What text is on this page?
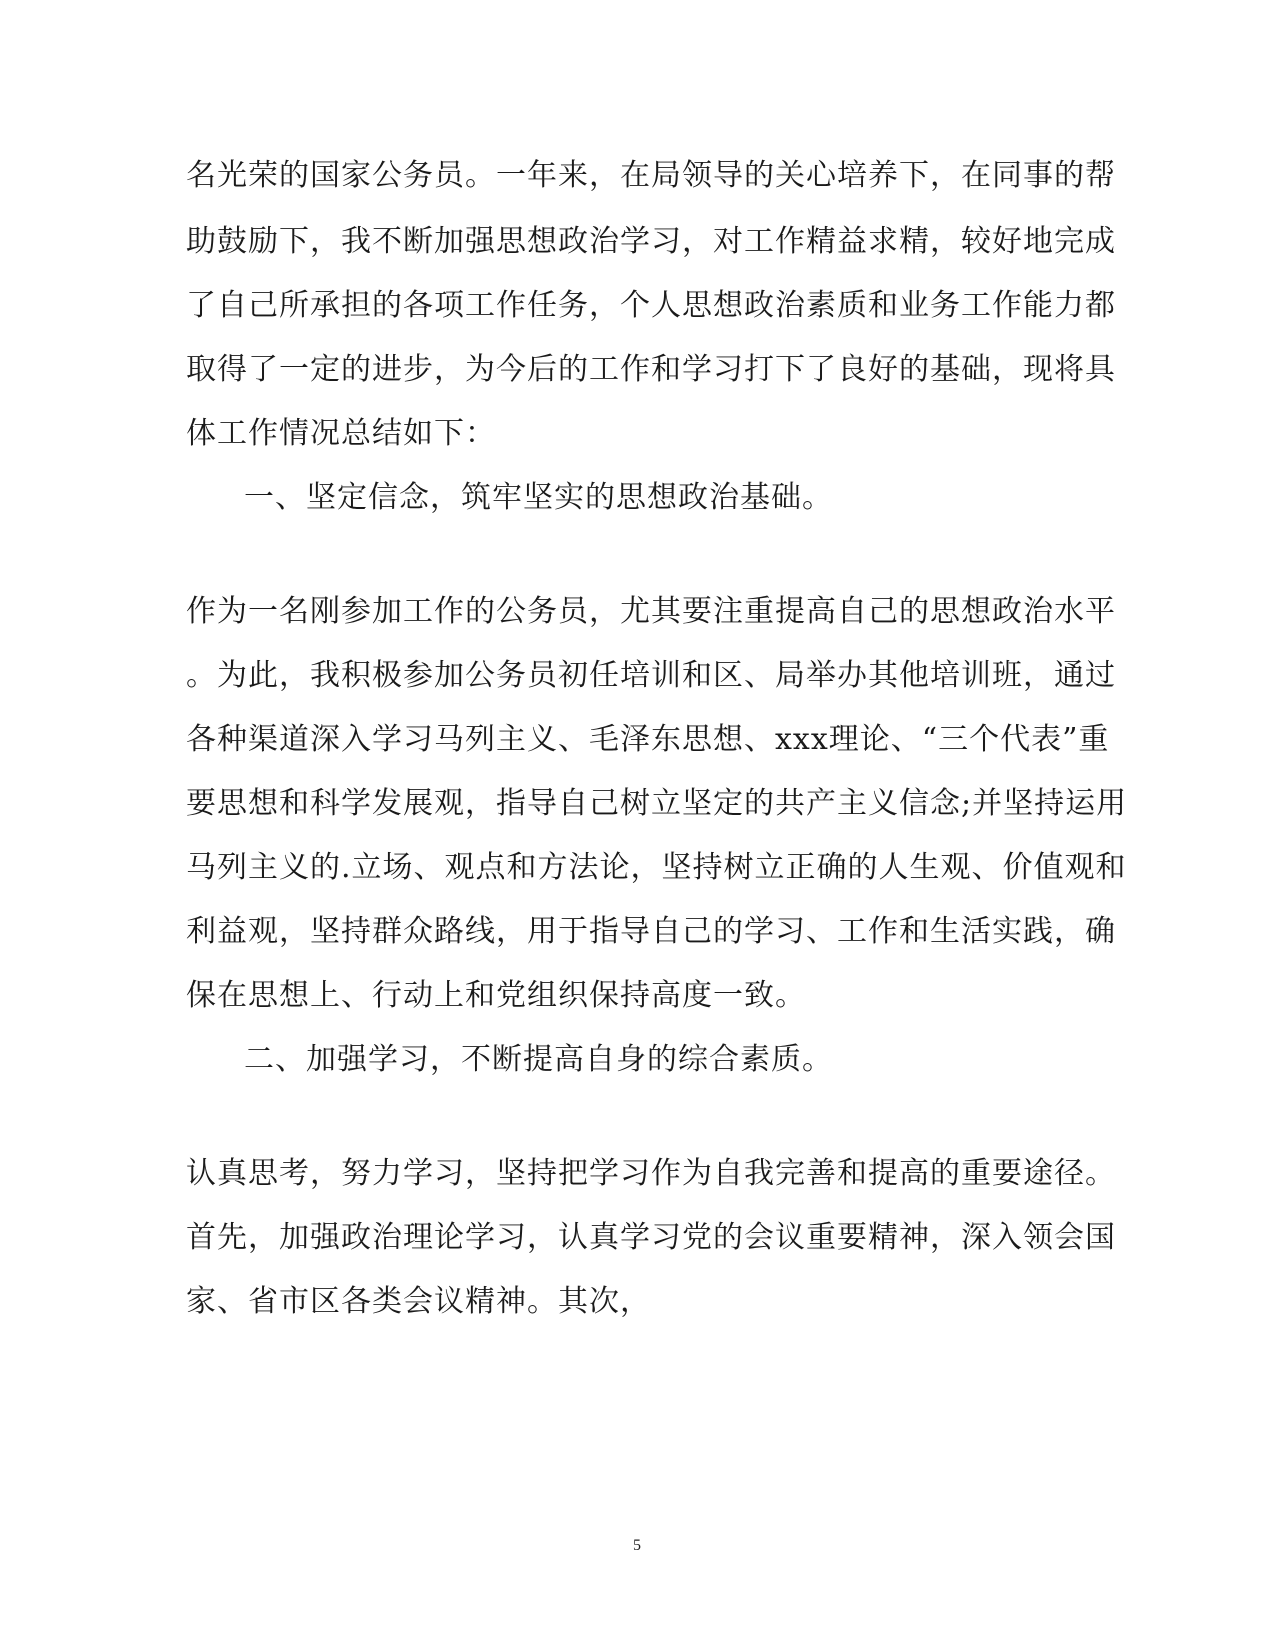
名光荣的国家公务员。一年来，在局领导的关心培养下，在同事的帮
助鼓励下，我不断加强思想政治学习，对工作精益求精，较好地完成
了自己所承担的各项工作任务，个人思想政治素质和业务工作能力都
取得了一定的进步，为今后的工作和学习打下了良好的基础，现将具
体工作情况总结如下：
一、坚定信念，筑牢坚实的思想政治基础。
作为一名刚参加工作的公务员，尤其要注重提高自己的思想政治水平
。为此，我积极参加公务员初任培训和区、局举办其他培训班，通过
各种渠道深入学习马列主义、毛泽东思想、xxx理论、“三个代表”重
要思想和科学发展观，指导自己树立坚定的共产主义信念;并坚持运用
马列主义的.立场、观点和方法论，坚持树立正确的人生观、价值观和
利益观，坚持群众路线，用于指导自己的学习、工作和生活实践，确
保在思想上、行动上和党组织保持高度一致。
二、加强学习，不断提高自身的综合素质。
认真思考，努力学习，坚持把学习作为自我完善和提高的重要途径。
首先，加强政治理论学习，认真学习党的会议重要精神，深入领会国
家、省市区各类会议精神。其次，
5
